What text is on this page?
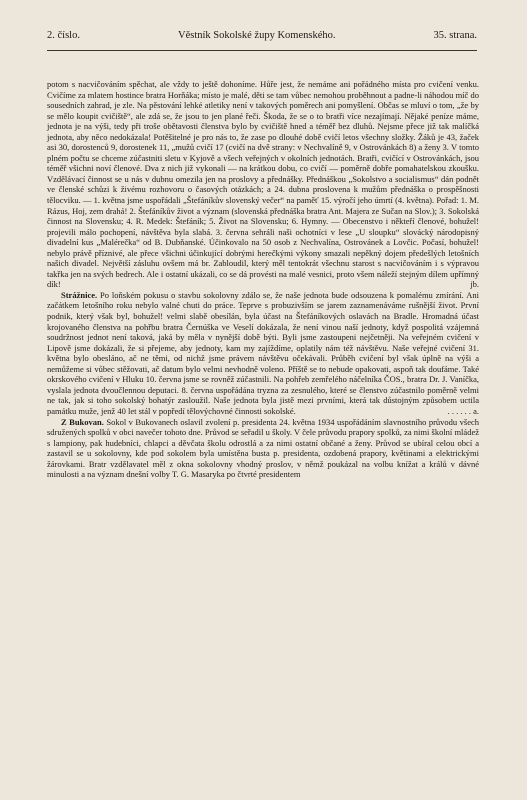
2. číslo.	Věstník Sokolské župy Komenského.	35. strana.

potom s nacvičováním spěchat, ale vždy to ještě dohoníme. Hůře jest, že nemáme ani pořádného místa pro cvičení venku. Cvičíme za mlatem hostince bratra Horňáka; místo je malé, děti se tam vůbec nemohou proběhnout a padne-li náhodou míč do sousedních zahrad, je zle. Na pěstování lehké atletiky není v takových poměrech ani pomyšlení. Občas se mluví o tom, „že by se mělo koupit cvičiště“, ale zdá se, že jsou to jen plané řeči. Škoda, že se o to bratři více nezajímají. Nějaké peníze máme, jednota je na výši, tedy při troše obětavosti členstva bylo by cvičiště hned a téměř bez dluhů. Nejsme přece již tak malíčká jednota, aby něco nedokázala! Potěšitelné je pro nás to, že zase po dlouhé době cvičí letos všechny složky. Žáků je 43, žaček asi 30, dorostenců 9, dorostenek 11, „mužů cvičí 17 (cvičí na dvě strany: v Nechvalíně 9, v Ostrovánkách 8) a ženy 3. V tomto plném počtu se chceme zúčastniti sletu v Kyjově a všech veřejných v okolních jednotách. Bratři, cvičící v Ostrovánkách, jsou téměř všichni noví členové. Dva z nich již vykonali — na krátkou dobu, co cvičí — poměrně dobře pomahatelskou zkoušku. Vzdělávací činnost se u nás v dubnu omezila jen na proslovy a přednášky. Přednáškou „Sokolstvo a socialismus“ dán podnět ve členské schůzi k živému rozhovoru o časových otázkách; a 24. dubna proslovena k mužům přednáška o prospěšnosti tělocviku. — 1. května jsme uspořádali „Štefáníkův slovenský večer“ na paměť 15. výročí jeho úmrtí (4. května). Pořad: 1. M. Rázus, Hoj, zem drahá! 2. Štefáníkův život a význam (slovenská přednáška bratra Ant. Majera ze Sučan na Slov.); 3. Sokolská činnost na Slovensku; 4. R. Medek: Štefáník; 5. Život na Slovensku; 6. Hymny. — Obecenstvo i někteří členové, bohužel! projevili málo pochopení, návštěva byla slabá. 3. června sehráli naši ochotníci v lese „U sloupku“ slovácký národopisný divadelní kus „Malérečka“ od B. Dubňanské. Účinkovalo na 50 osob z Nechvalína, Ostrovánek a Lovčic. Počasí, bohužel! nebylo právě příznivé, ale přece všichni účinkující dobrými herečkými výkony smazali nepěkný dojem předešlých letošních našich divadel. Největší zásluhu ovšem má br. Zabloudil, který měl tentokrát všechnu starost s nacvičováním i s výpravou takřka jen na svých bedrech. Ale i ostatní ukázali, co se dá provésti na malé vesnici, proto všem náleží stejným dílem upřímný dík!	jb.

Strážnice. Po loňském pokusu o stavbu sokolovny zdálo se, že naše jednota bude odsouzena k pomalému zmírání. Ani začátkem letošního roku nebylo valné chuti do práce. Teprve s probuzivším se jarem zaznamenáváme rušnější život. První podnik, který však byl, bohužel! velmi slabě obesílán, byla účast na Štefáníkových oslavách na Bradle. Hromadná účast krojovaného členstva na pohřbu bratra Černúška ve Veselí dokázala, že není vinou naší jednoty, když pospolitá vzájemná soudržnost jednot není taková, jaká by měla v nynější době býti. Byli jsme zastoupeni nejčetněji. Na veřejném cvičení v Lipově jsme dokázali, že si přejeme, aby jednoty, kam my zajíždíme, oplatily nám též návštěvu. Naše veřejné cvičení 31. května bylo obesláno, ač ne těmi, od nichž jsme právem návštěvu očekávali. Průběh cvičení byl však úplně na výši a nemůžeme si vůbec stěžovati, ač datum bylo velmi nevhodně voleno. Příště se to nebude opakovati, aspoň tak doufáme. Také okrskového cvičení v Hluku 10. června jsme se rovněž zúčastnili. Na pohřeb zemřelého náčelníka ČOS., bratra Dr. J. Vaníčka, vyslala jednota dvoučlennou deputaci. 8. června uspořádána tryzna za zesnulého, které se členstvo zúčastnilo poměrně velmi ne tak, jak si toho sokolský bohatýr zasloužil. Naše jednota byla jistě mezi prvními, která tak důstojným způsobem uctila památku muže, jenž 40 let stál v popředí tělovýchovné činnosti sokolské.	. . . . . . a.

Z Bukovan. Sokol v Bukovanech oslavil zvolení p. presidenta 24. května 1934 uspořádáním slavnostního průvodu všech sdružených spolků v obci navečer tohoto dne. Průvod se seřadil u školy. V čele průvodu prapory spolků, za nimi školní mládež s lampiony, pak hudebníci, chlapci a děvčata školu odrostlá a za nimi ostatní občané a ženy. Průvod se ubíral celou obcí a zastavil se u sokolovny, kde pod sokolem byla umístěna busta p. presidenta, ozdobená prapory, květinami a elektrickými žárovkami. Bratr vzdělavatel měl z okna sokolovny vhodný proslov, v němž poukázal na volbu knížat a králů v dávné minulosti a na význam dnešní volby T. G. Masaryka po čtvrté presidentem
